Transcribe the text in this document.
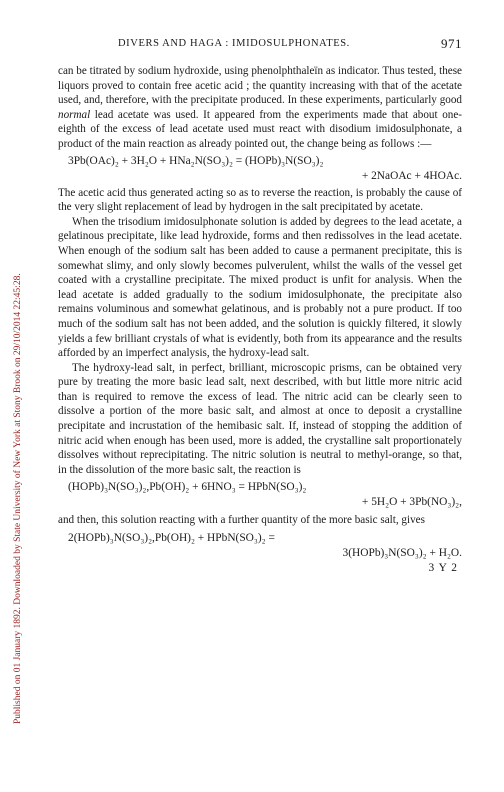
Published on 01 January 1892. Downloaded by State University of New York at Stony Brook on 29/10/2014 22:45:28.
DIVERS AND HAGA : IMIDOSULPHONATES.	971

can be titrated by sodium hydroxide, using phenolphthaleïn as indicator. Thus tested, these liquors proved to contain free acetic acid ; the quantity increasing with that of the acetate used, and, therefore, with the precipitate produced. In these experiments, particularly good normal lead acetate was used. It appeared from the experiments made that about one-eighth of the excess of lead acetate used must react with disodium imidosulphonate, a product of the main reaction as already pointed out, the change being as follows :—

3Pb(OAc)₂ + 3H₂O + HNa₂N(SO₃)₂ = (HOPb)₃N(SO₃)₂
+ 2NaOAc + 4HOAc.

The acetic acid thus generated acting so as to reverse the reaction, is probably the cause of the very slight replacement of lead by hydrogen in the salt precipitated by acetate.

When the trisodium imidosulphonate solution is added by degrees to the lead acetate, a gelatinous precipitate, like lead hydroxide, forms and then redissolves in the lead acetate. When enough of the sodium salt has been added to cause a permanent precipitate, this is somewhat slimy, and only slowly becomes pulverulent, whilst the walls of the vessel get coated with a crystalline precipitate. The mixed product is unfit for analysis. When the lead acetate is added gradually to the sodium imidosulphonate, the precipitate also remains voluminous and somewhat gelatinous, and is probably not a pure product. If too much of the sodium salt has not been added, and the solution is quickly filtered, it slowly yields a few brilliant crystals of what is evidently, both from its appearance and the results afforded by an imperfect analysis, the hydroxy-lead salt.

The hydroxy-lead salt, in perfect, brilliant, microscopic prisms, can be obtained very pure by treating the more basic lead salt, next described, with but little more nitric acid than is required to remove the excess of lead. The nitric acid can be clearly seen to dissolve a portion of the more basic salt, and almost at once to deposit a crystalline precipitate and incrustation of the hemibasic salt. If, instead of stopping the addition of nitric acid when enough has been used, more is added, the crystalline salt proportionately dissolves without reprecipitating. The nitric solution is neutral to methyl-orange, so that, in the dissolution of the more basic salt, the reaction is

(HOPb)₃N(SO₃)₂,Pb(OH)₂ + 6HNO₃ = HPbN(SO₃)₂
+ 5H₂O + 3Pb(NO₃)₂,

and then, this solution reacting with a further quantity of the more basic salt, gives

2(HOPb)₃N(SO₃)₂,Pb(OH)₂ + HPbN(SO₃)₂ =
3(HOPb)₃N(SO₃)₂ + H₂O.
3 Y 2
